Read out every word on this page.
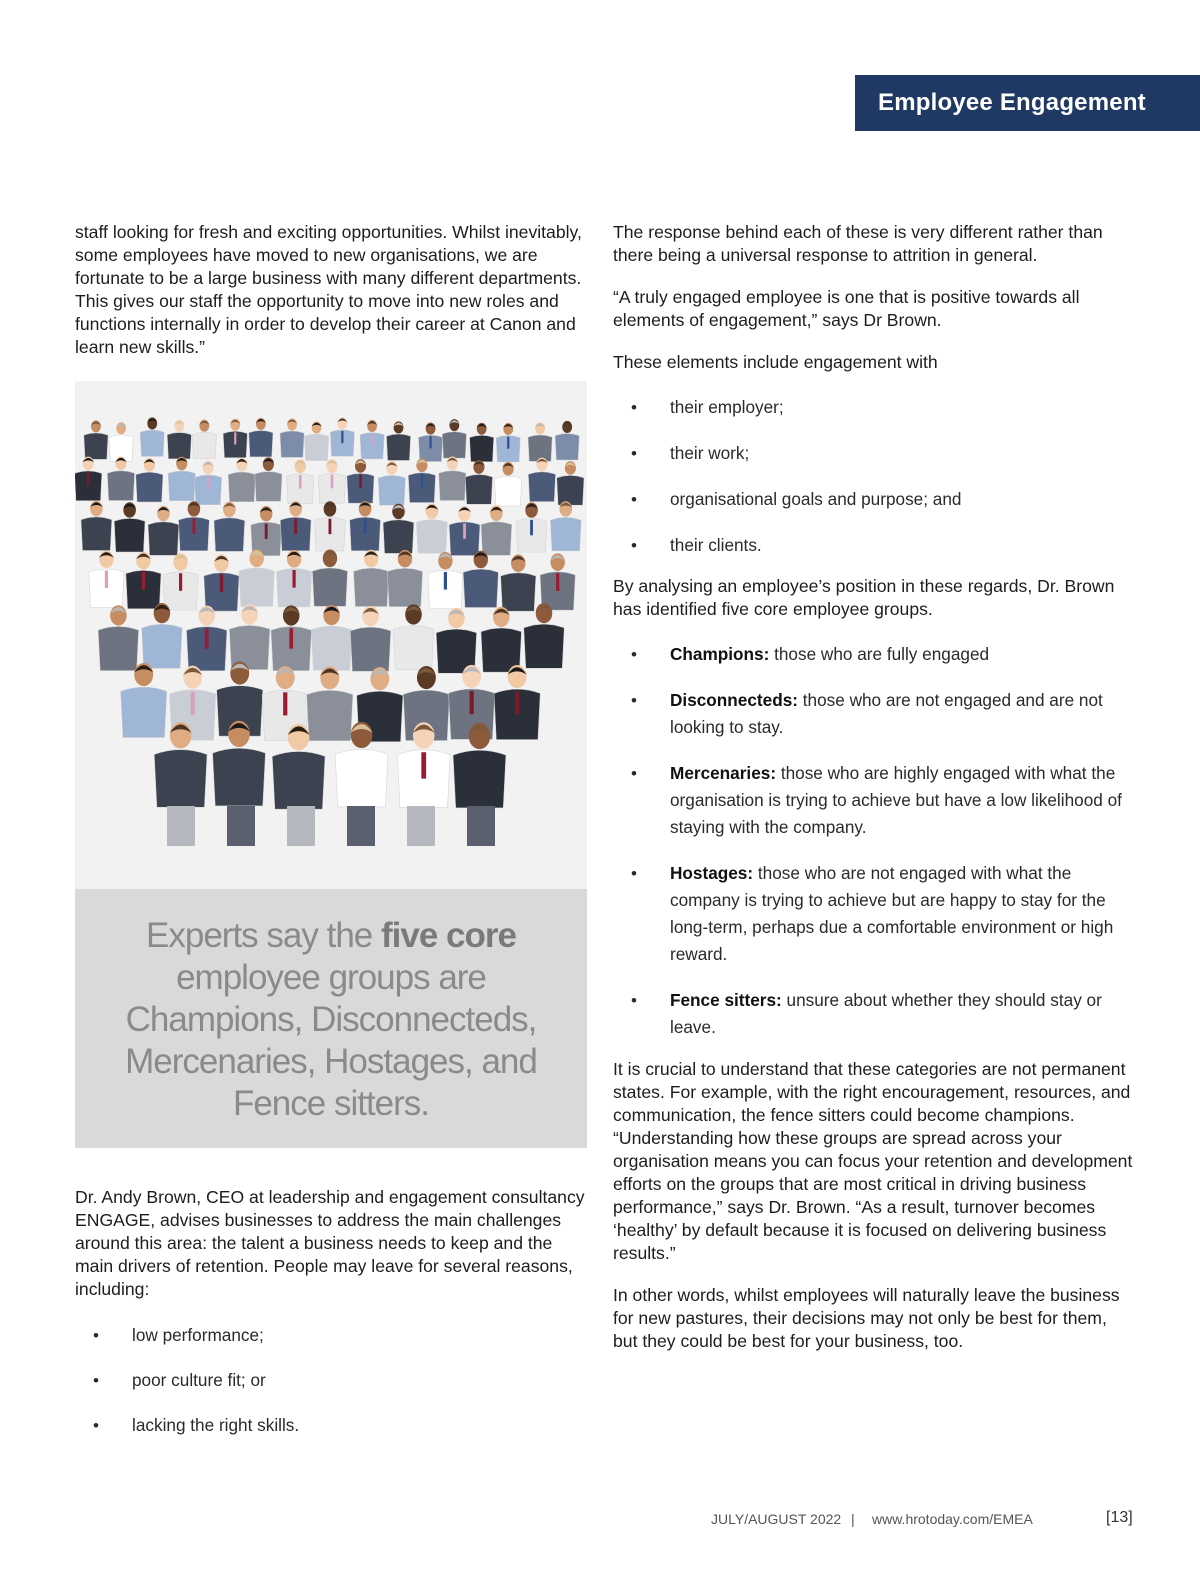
Employee Engagement

staff looking for fresh and exciting opportunities. Whilst inevitably, some employees have moved to new organisations, we are fortunate to be a large business with many different departments. This gives our staff the opportunity to move into new roles and functions internally in order to develop their career at Canon and learn new skills.”

Experts say the five core employee groups are Champions, Disconnecteds, Mercenaries, Hostages, and Fence sitters.

Dr. Andy Brown, CEO at leadership and engagement consultancy ENGAGE, advises businesses to address the main challenges around this area: the talent a business needs to keep and the main drivers of retention. People may leave for several reasons, including:

• low performance;
• poor culture fit; or
• lacking the right skills.

The response behind each of these is very different rather than there being a universal response to attrition in general.

“A truly engaged employee is one that is positive towards all elements of engagement,” says Dr Brown.

These elements include engagement with

• their employer;
• their work;
• organisational goals and purpose; and
• their clients.

By analysing an employee’s position in these regards, Dr. Brown has identified five core employee groups.

• Champions: those who are fully engaged
• Disconnecteds: those who are not engaged and are not looking to stay.
• Mercenaries: those who are highly engaged with what the organisation is trying to achieve but have a low likelihood of staying with the company.
• Hostages: those who are not engaged with what the company is trying to achieve but are happy to stay for the long-term, perhaps due a comfortable environment or high reward.
• Fence sitters: unsure about whether they should stay or leave.

It is crucial to understand that these categories are not permanent states. For example, with the right encouragement, resources, and communication, the fence sitters could become champions. “Understanding how these groups are spread across your organisation means you can focus your retention and development efforts on the groups that are most critical in driving business performance,” says Dr. Brown. “As a result, turnover becomes ‘healthy’ by default because it is focused on delivering business results.”

In other words, whilst employees will naturally leave the business for new pastures, their decisions may not only be best for them, but they could be best for your business, too.

JULY/AUGUST 2022 | www.hrotoday.com/EMEA	[13]
